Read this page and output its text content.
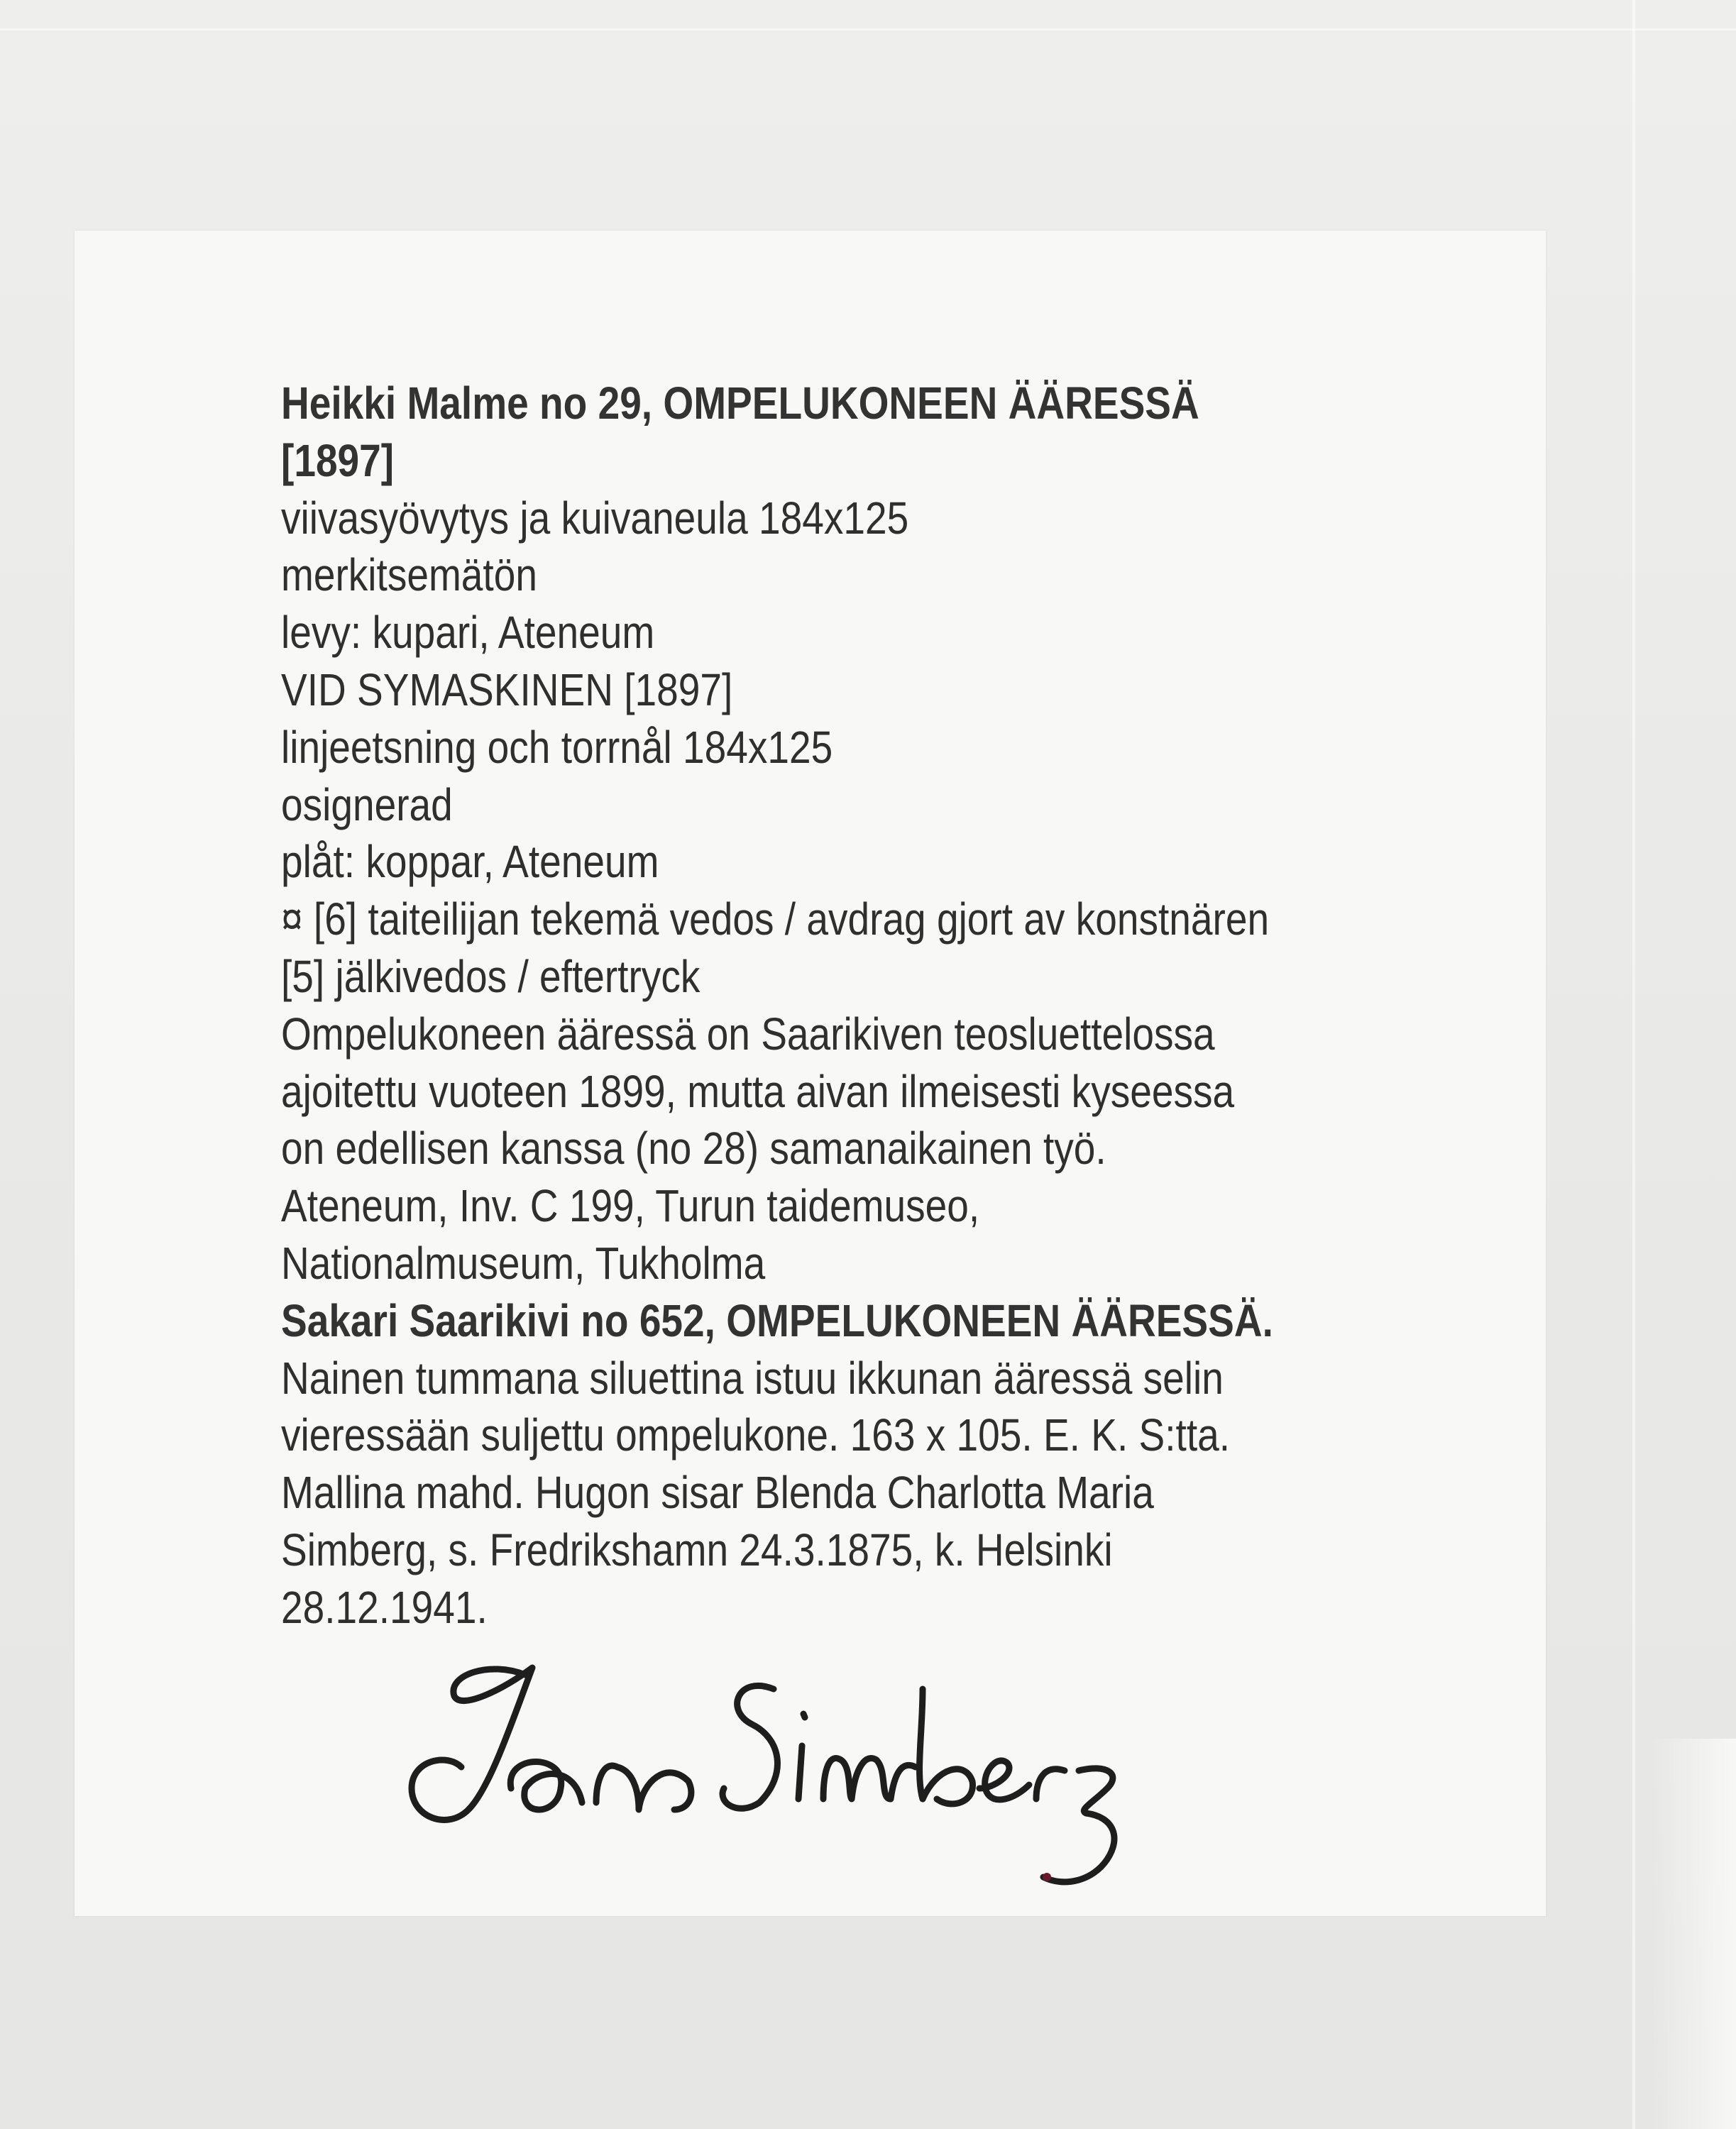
Heikki Malme no 29, OMPELUKONEEN ÄÄRESSÄ
[1897]
viivasyövytys ja kuivaneula 184x125
merkitsemätön
levy: kupari, Ateneum
VID SYMASKINEN [1897]
linjeetsning och torrnål 184x125
osignerad
plåt: koppar, Ateneum
¤ [6] taiteilijan tekemä vedos / avdrag gjort av konstnären
[5] jälkivedos / eftertryck
Ompelukoneen ääressä on Saarikiven teosluettelossa
ajoitettu vuoteen 1899, mutta aivan ilmeisesti kyseessa
on edellisen kanssa (no 28) samanaikainen työ.
Ateneum, Inv. C 199, Turun taidemuseo,
Nationalmuseum, Tukholma
Sakari Saarikivi no 652, OMPELUKONEEN ÄÄRESSÄ.
Nainen tummana siluettina istuu ikkunan ääressä selin
vieressään suljettu ompelukone. 163 x 105. E. K. S:tta.
Mallina mahd. Hugon sisar Blenda Charlotta Maria
Simberg, s. Fredrikshamn 24.3.1875, k. Helsinki
28.12.1941.
